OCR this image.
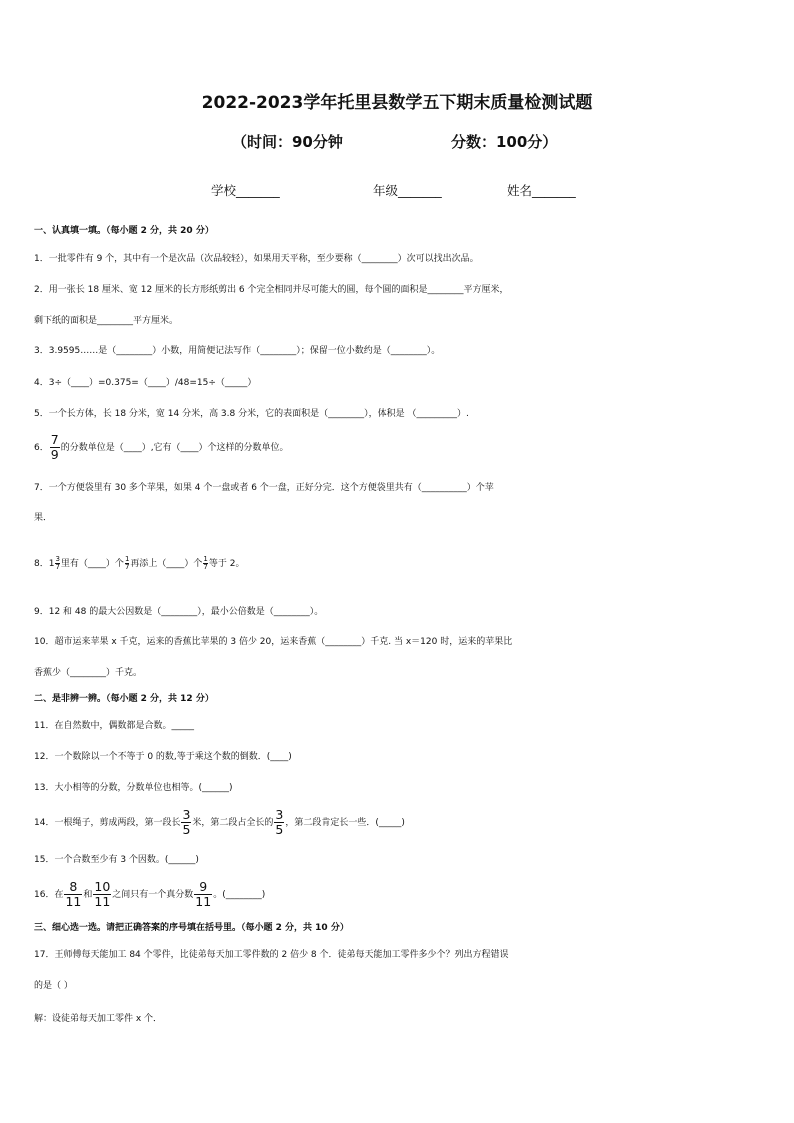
2022-2023学年托里县数学五下期末质量检测试题
（时间：90分钟	分数：100分）
学校_______	年级_______	姓名_______
一、认真填一填。（每小题 2 分，共 20 分）
1．一批零件有 9 个，其中有一个是次品（次品较轻），如果用天平称，至少要称（________）次可以找出次品。
2．用一张长 18 厘米、宽 12 厘米的长方形纸剪出 6 个完全相同并尽可能大的圆，每个圆的面积是________平方厘米，
剩下纸的面积是________平方厘米。
3．3.9595……是（________）小数，用简便记法写作（________）；保留一位小数约是（________）。
4．3÷（____）=0.375=（____）/48=15÷（_____）
5．一个长方体，长 18 分米，宽 14 分米，高 3.8 分米，它的表面积是（________），体积是 （_________）.
6． $\frac{7}{9}$ 的分数单位是（____）,它有（____）个这样的分数单位。
7．一个方便袋里有 30 多个苹果，如果 4 个一盘或者 6 个一盘，正好分完．这个方便袋里共有（__________）个苹
果．
8．$1 \frac{3}{7}$ 里有（____）个 $\frac{1}{7}$ 再添上（____）个 $\frac{1}{7}$ 等于 2。
9．12 和 48 的最大公因数是（________），最小公倍数是（________）。
10．超市运来苹果 x 千克，运来的香蕉比苹果的 3 倍少 20，运来香蕉（________）千克. 当 x＝120 时，运来的苹果比
香蕉少（________）千克。
二、是非辨一辨。（每小题 2 分，共 12 分）
11．在自然数中，偶数都是合数。_____
12．一个数除以一个不等于 0 的数,等于乘这个数的倒数．(____)
13．大小相等的分数，分数单位也相等。(______)
14．一根绳子，剪成两段，第一段长 $\frac{3}{5}$ 米，第二段占全长的 $\frac{3}{5}$ ，第二段肯定长一些．(_____)
15．一个合数至少有 3 个因数。(______)
16．在 $\frac{8}{11}$ 和 $\frac{10}{11}$ 之间只有一个真分数 $\frac{9}{11}$ 。(________)
三、细心选一选。请把正确答案的序号填在括号里。（每小题 2 分，共 10 分）
17．王师傅每天能加工 84 个零件，比徒弟每天加工零件数的 2 倍少 8 个．徒弟每天能加工零件多少个？列出方程错误
的是（ ）
解：设徒弟每天加工零件 x 个．
